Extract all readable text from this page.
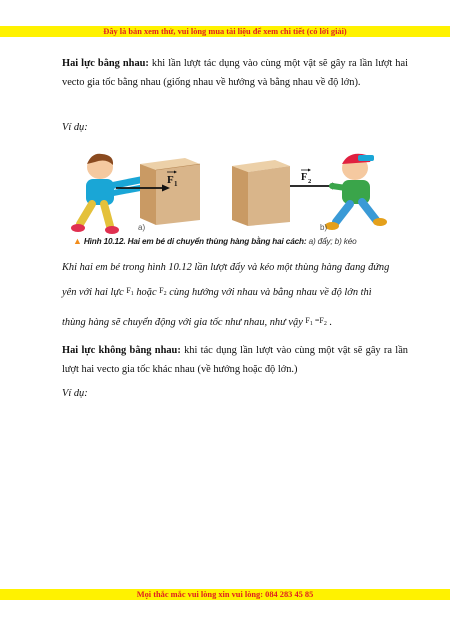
Đây là bản xem thử, vui lòng mua tài liệu để xem chi tiết (có lời giải)

Hai lực bằng nhau: khi lần lượt tác dụng vào cùng một vật sẽ gây ra lần lượt hai vecto gia tốc bằng nhau (giống nhau về hướng và bằng nhau về độ lớn).

Ví dụ:

F 1
a)
F 2
b)
▲ Hình 10.12. Hai em bé di chuyển thùng hàng bằng hai cách: a) đẩy; b) kéo

Khi hai em bé trong hình 10.12 lần lượt đẩy và kéo một thùng hàng đang đứng

yên với hai lực $F_1$ hoặc $F_2$ cùng hướng với nhau và bằng nhau về độ lớn thì

thùng hàng sẽ chuyển động với gia tốc như nhau, như vậy $F_1 =F_2$ .

Hai lực không bằng nhau: khi tác dụng lần lượt vào cùng một vật sẽ gây ra lần lượt hai vecto gia tốc khác nhau (về hướng hoặc độ lớn.)

Ví dụ:

Mọi thắc mắc vui lòng xin vui lòng: 084 283 45 85
